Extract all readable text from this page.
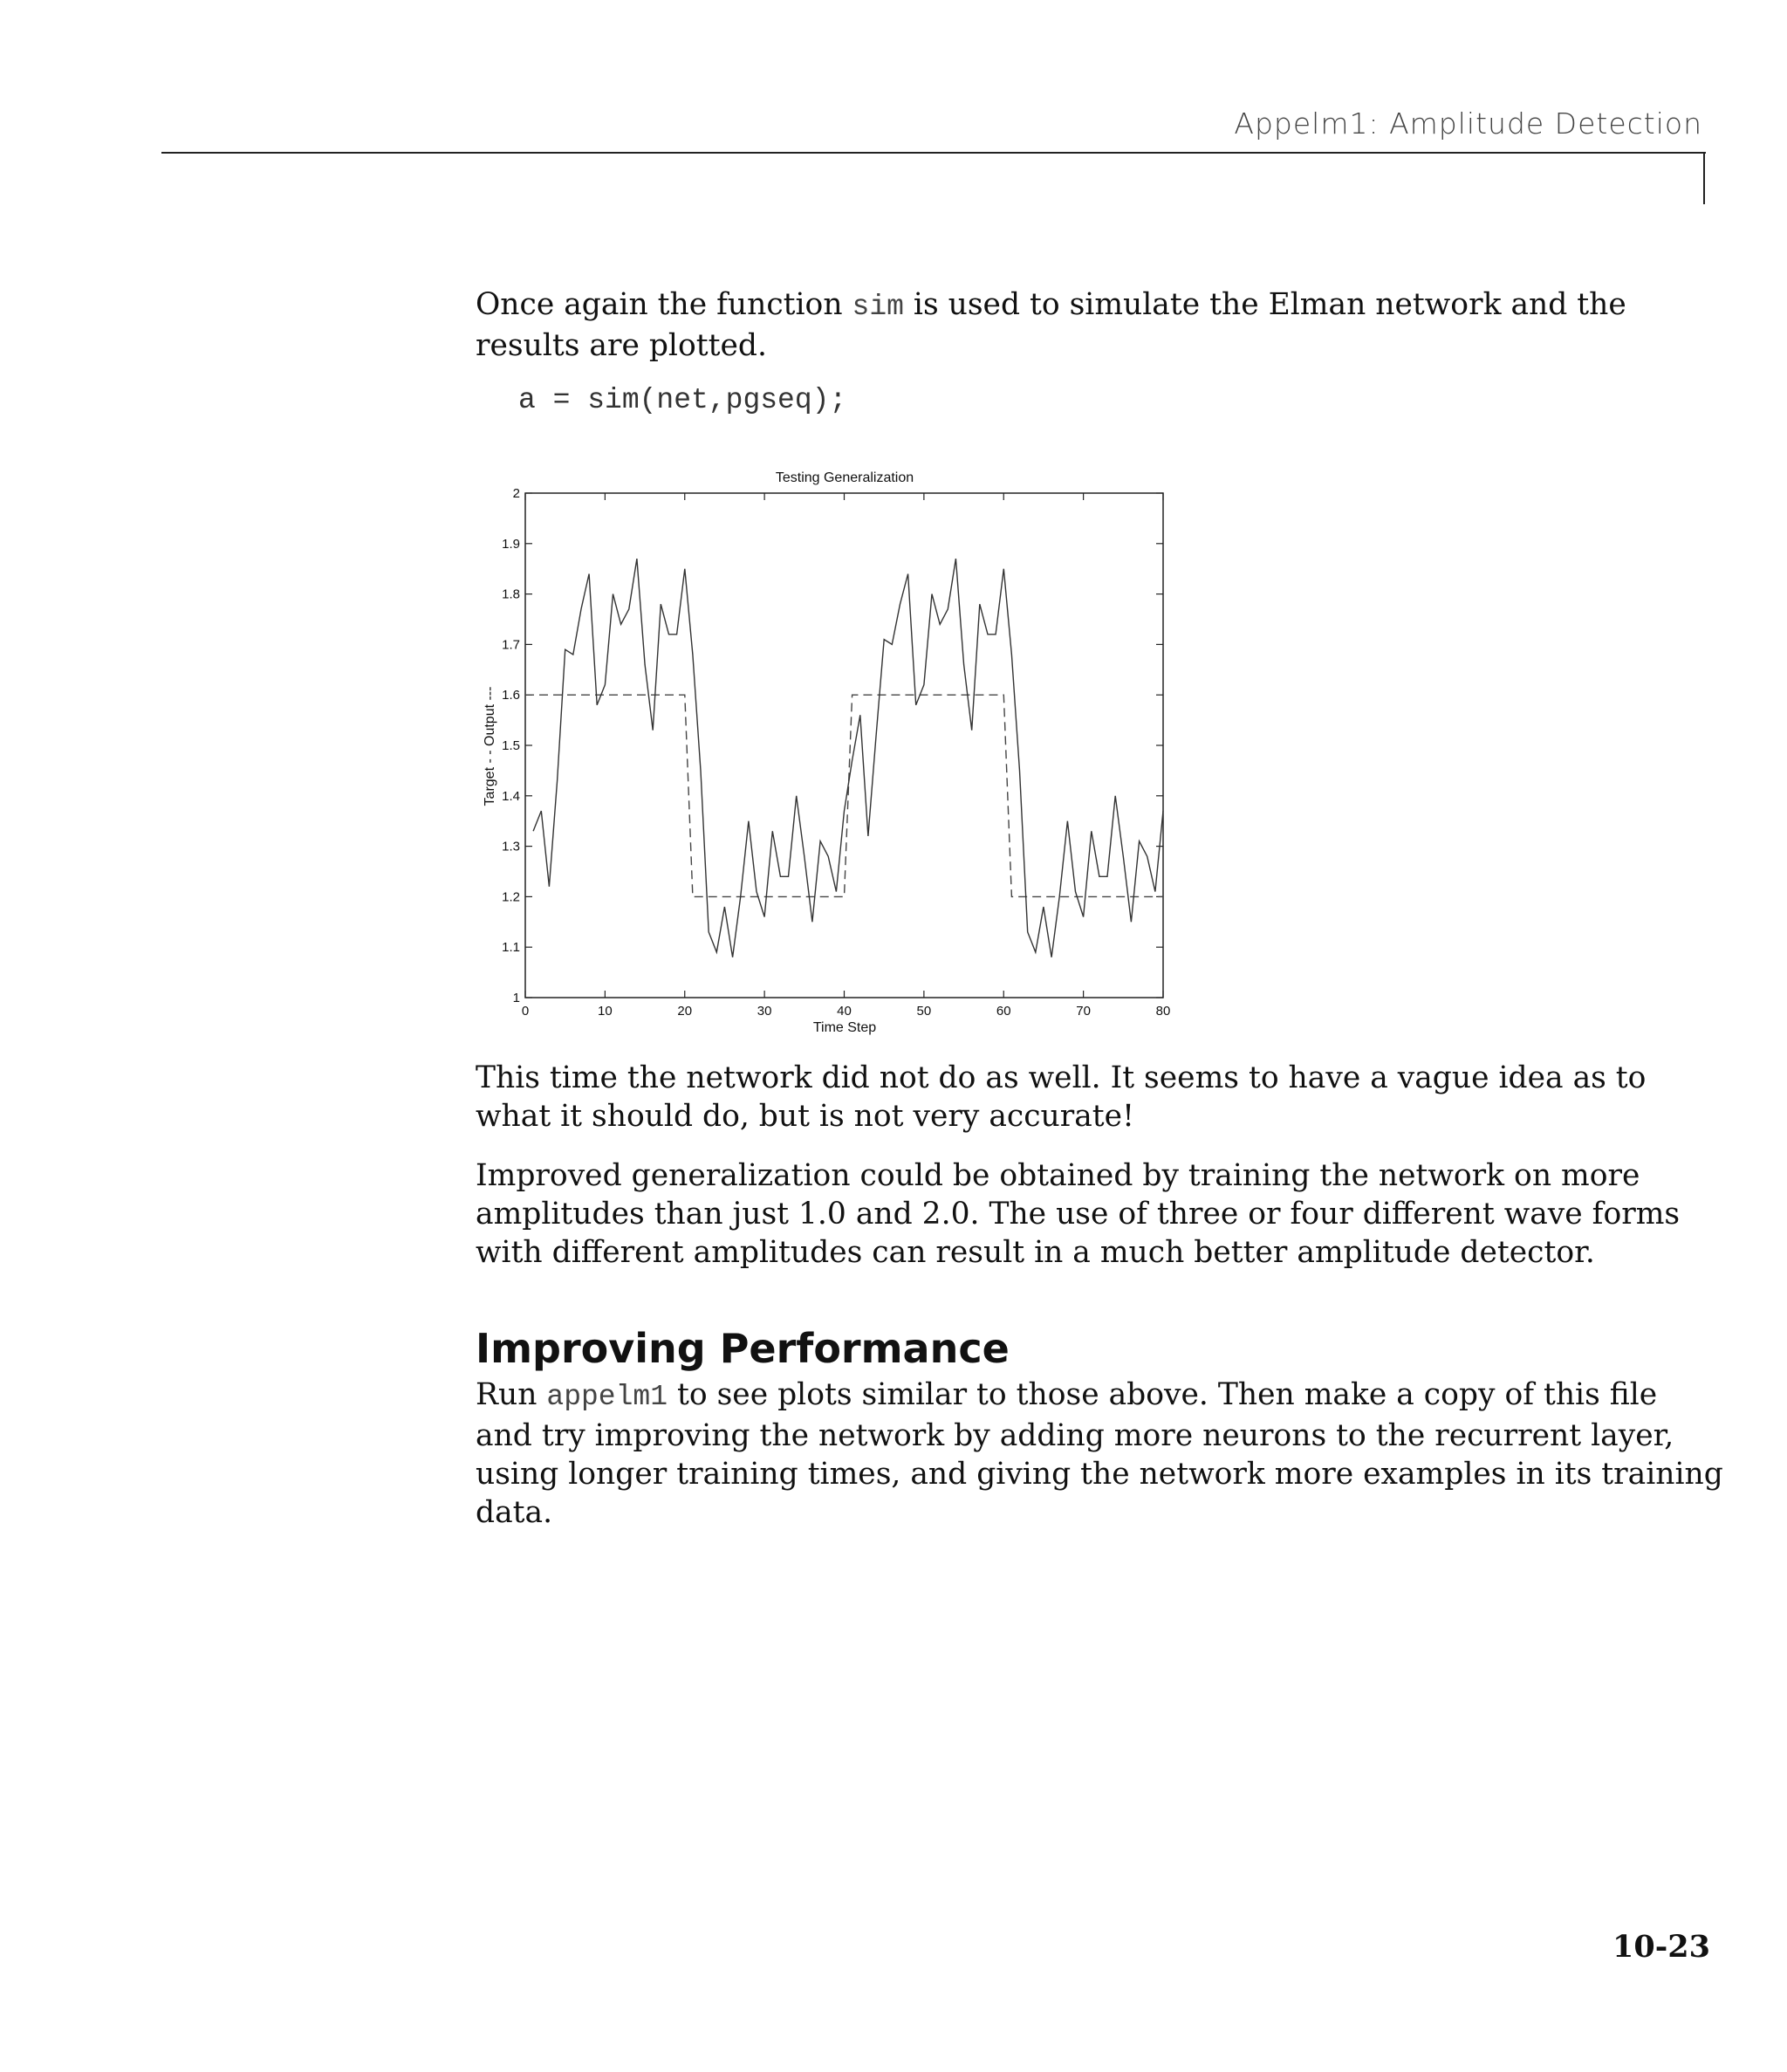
Appelm1: Amplitude Detection

Once again the function sim is used to simulate the Elman network and the results are plotted.

a = sim(net,pgseq);
Testing Generalization
Time Step
Target - - Output ---
0	10	20	30	40	50	60	70	80
1
1.1
1.2
1.3
1.4
1.5
1.6
1.7
1.8
1.9
2

This time the network did not do as well. It seems to have a vague idea as to what it should do, but is not very accurate!

Improved generalization could be obtained by training the network on more amplitudes than just 1.0 and 2.0. The use of three or four different wave forms with different amplitudes can result in a much better amplitude detector.

Improving Performance

Run appelm1 to see plots similar to those above. Then make a copy of this file and try improving the network by adding more neurons to the recurrent layer, using longer training times, and giving the network more examples in its training data.

10-23
